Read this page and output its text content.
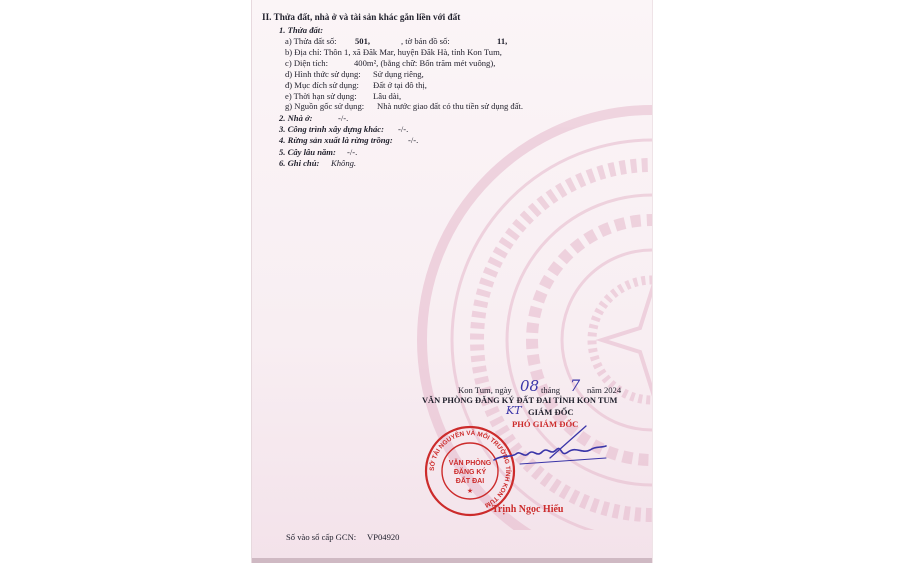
II. Thửa đất, nhà ở và tài sản khác gắn liền với đất
1. Thửa đất:
a) Thửa đất số: 501,	, tờ bản đồ số:	11,
b) Địa chỉ: Thôn 1, xã Đăk Mar, huyện Đăk Hà, tỉnh Kon Tum,
c) Diện tích:	400m², (bằng chữ: Bốn trăm mét vuông),
d) Hình thức sử dụng: Sử dụng riêng,
đ) Mục đích sử dụng: Đất ở tại đô thị,
e) Thời hạn sử dụng: Lâu dài,
g) Nguồn gốc sử dụng: Nhà nước giao đất có thu tiền sử dụng đất.
2. Nhà ở:	-/-.
3. Công trình xây dựng khác: -/-.
4. Rừng sản xuất là rừng trồng: -/-.
5. Cây lâu năm: -/-.
6. Ghi chú: Không.
Kon Tum, ngày 08 tháng 7 năm 2024
VĂN PHÒNG ĐĂNG KÝ ĐẤT ĐAI TỈNH KON TUM
KT GIÁM ĐỐC
PHÓ GIÁM ĐỐC
SỞ TÀI NGUYÊN VÀ MÔI TRƯỜNG TỈNH KON TUM
VĂN PHÒNG
ĐĂNG KÝ
ĐẤT ĐAI
★
Trịnh Ngọc Hiếu
Số vào sổ cấp GCN: VP04920
